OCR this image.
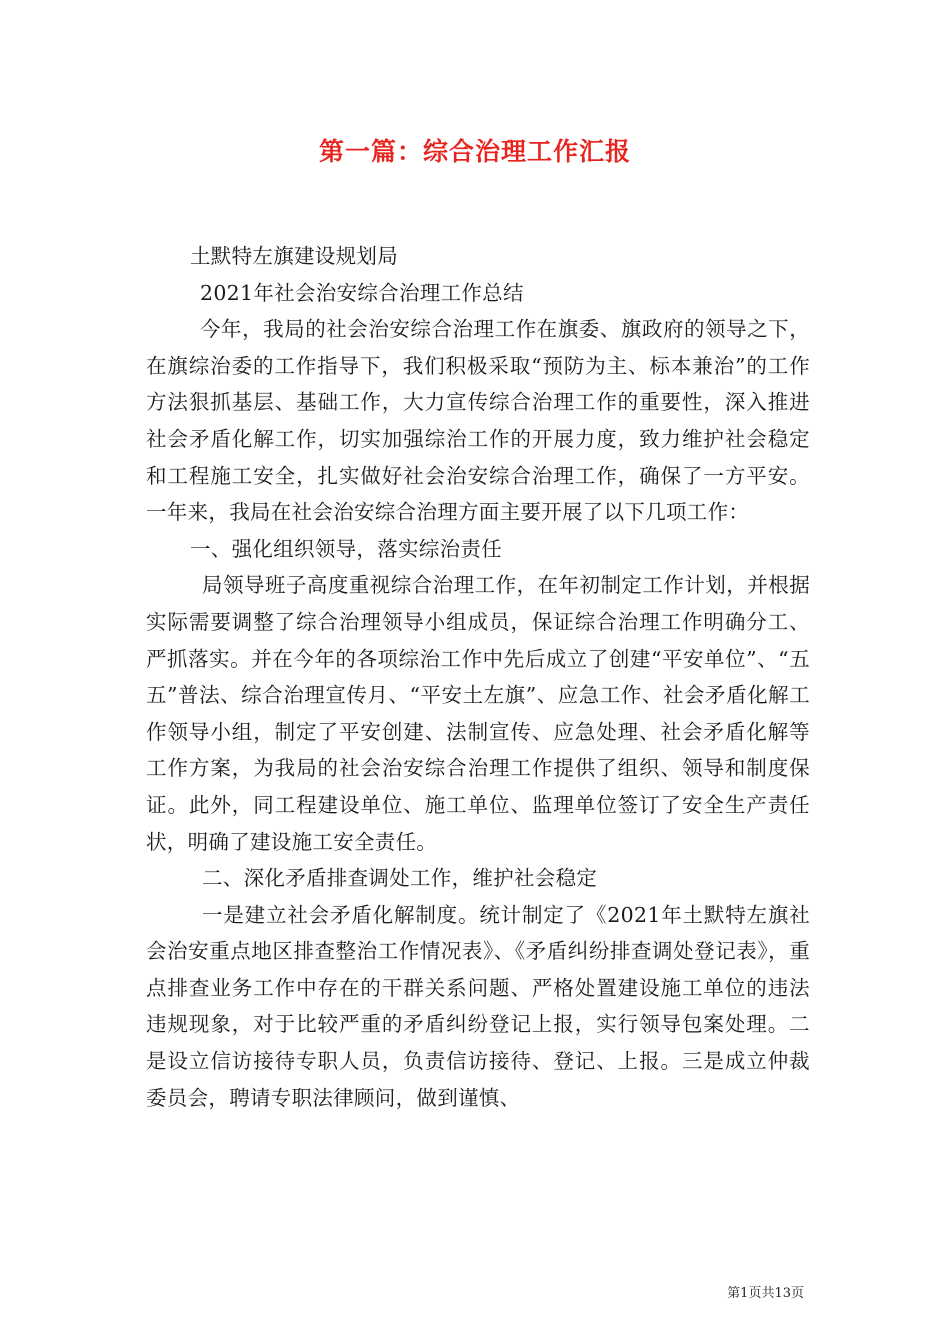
第一篇：综合治理工作汇报

土默特左旗建设规划局

2021年社会治安综合治理工作总结

今年，我局的社会治安综合治理工作在旗委、旗政府的领导之下，在旗综治委的工作指导下，我们积极采取“预防为主、标本兼治”的工作方法狠抓基层、基础工作，大力宣传综合治理工作的重要性，深入推进社会矛盾化解工作，切实加强综治工作的开展力度，致力维护社会稳定和工程施工安全，扎实做好社会治安综合治理工作，确保了一方平安。一年来，我局在社会治安综合治理方面主要开展了以下几项工作：

一、强化组织领导，落实综治责任

局领导班子高度重视综合治理工作，在年初制定工作计划，并根据实际需要调整了综合治理领导小组成员，保证综合治理工作明确分工、严抓落实。并在今年的各项综治工作中先后成立了创建“平安单位”、“五五”普法、综合治理宣传月、“平安土左旗”、应急工作、社会矛盾化解工作领导小组，制定了平安创建、法制宣传、应急处理、社会矛盾化解等工作方案，为我局的社会治安综合治理工作提供了组织、领导和制度保证。此外，同工程建设单位、施工单位、监理单位签订了安全生产责任状，明确了建设施工安全责任。

二、深化矛盾排查调处工作，维护社会稳定

一是建立社会矛盾化解制度。统计制定了《2021年土默特左旗社会治安重点地区排查整治工作情况表》、《矛盾纠纷排查调处登记表》，重点排查业务工作中存在的干群关系问题、严格处置建设施工单位的违法违规现象，对于比较严重的矛盾纠纷登记上报，实行领导包案处理。二是设立信访接待专职人员，负责信访接待、登记、上报。三是成立仲裁委员会，聘请专职法律顾问，做到谨慎、

第1页共13页
